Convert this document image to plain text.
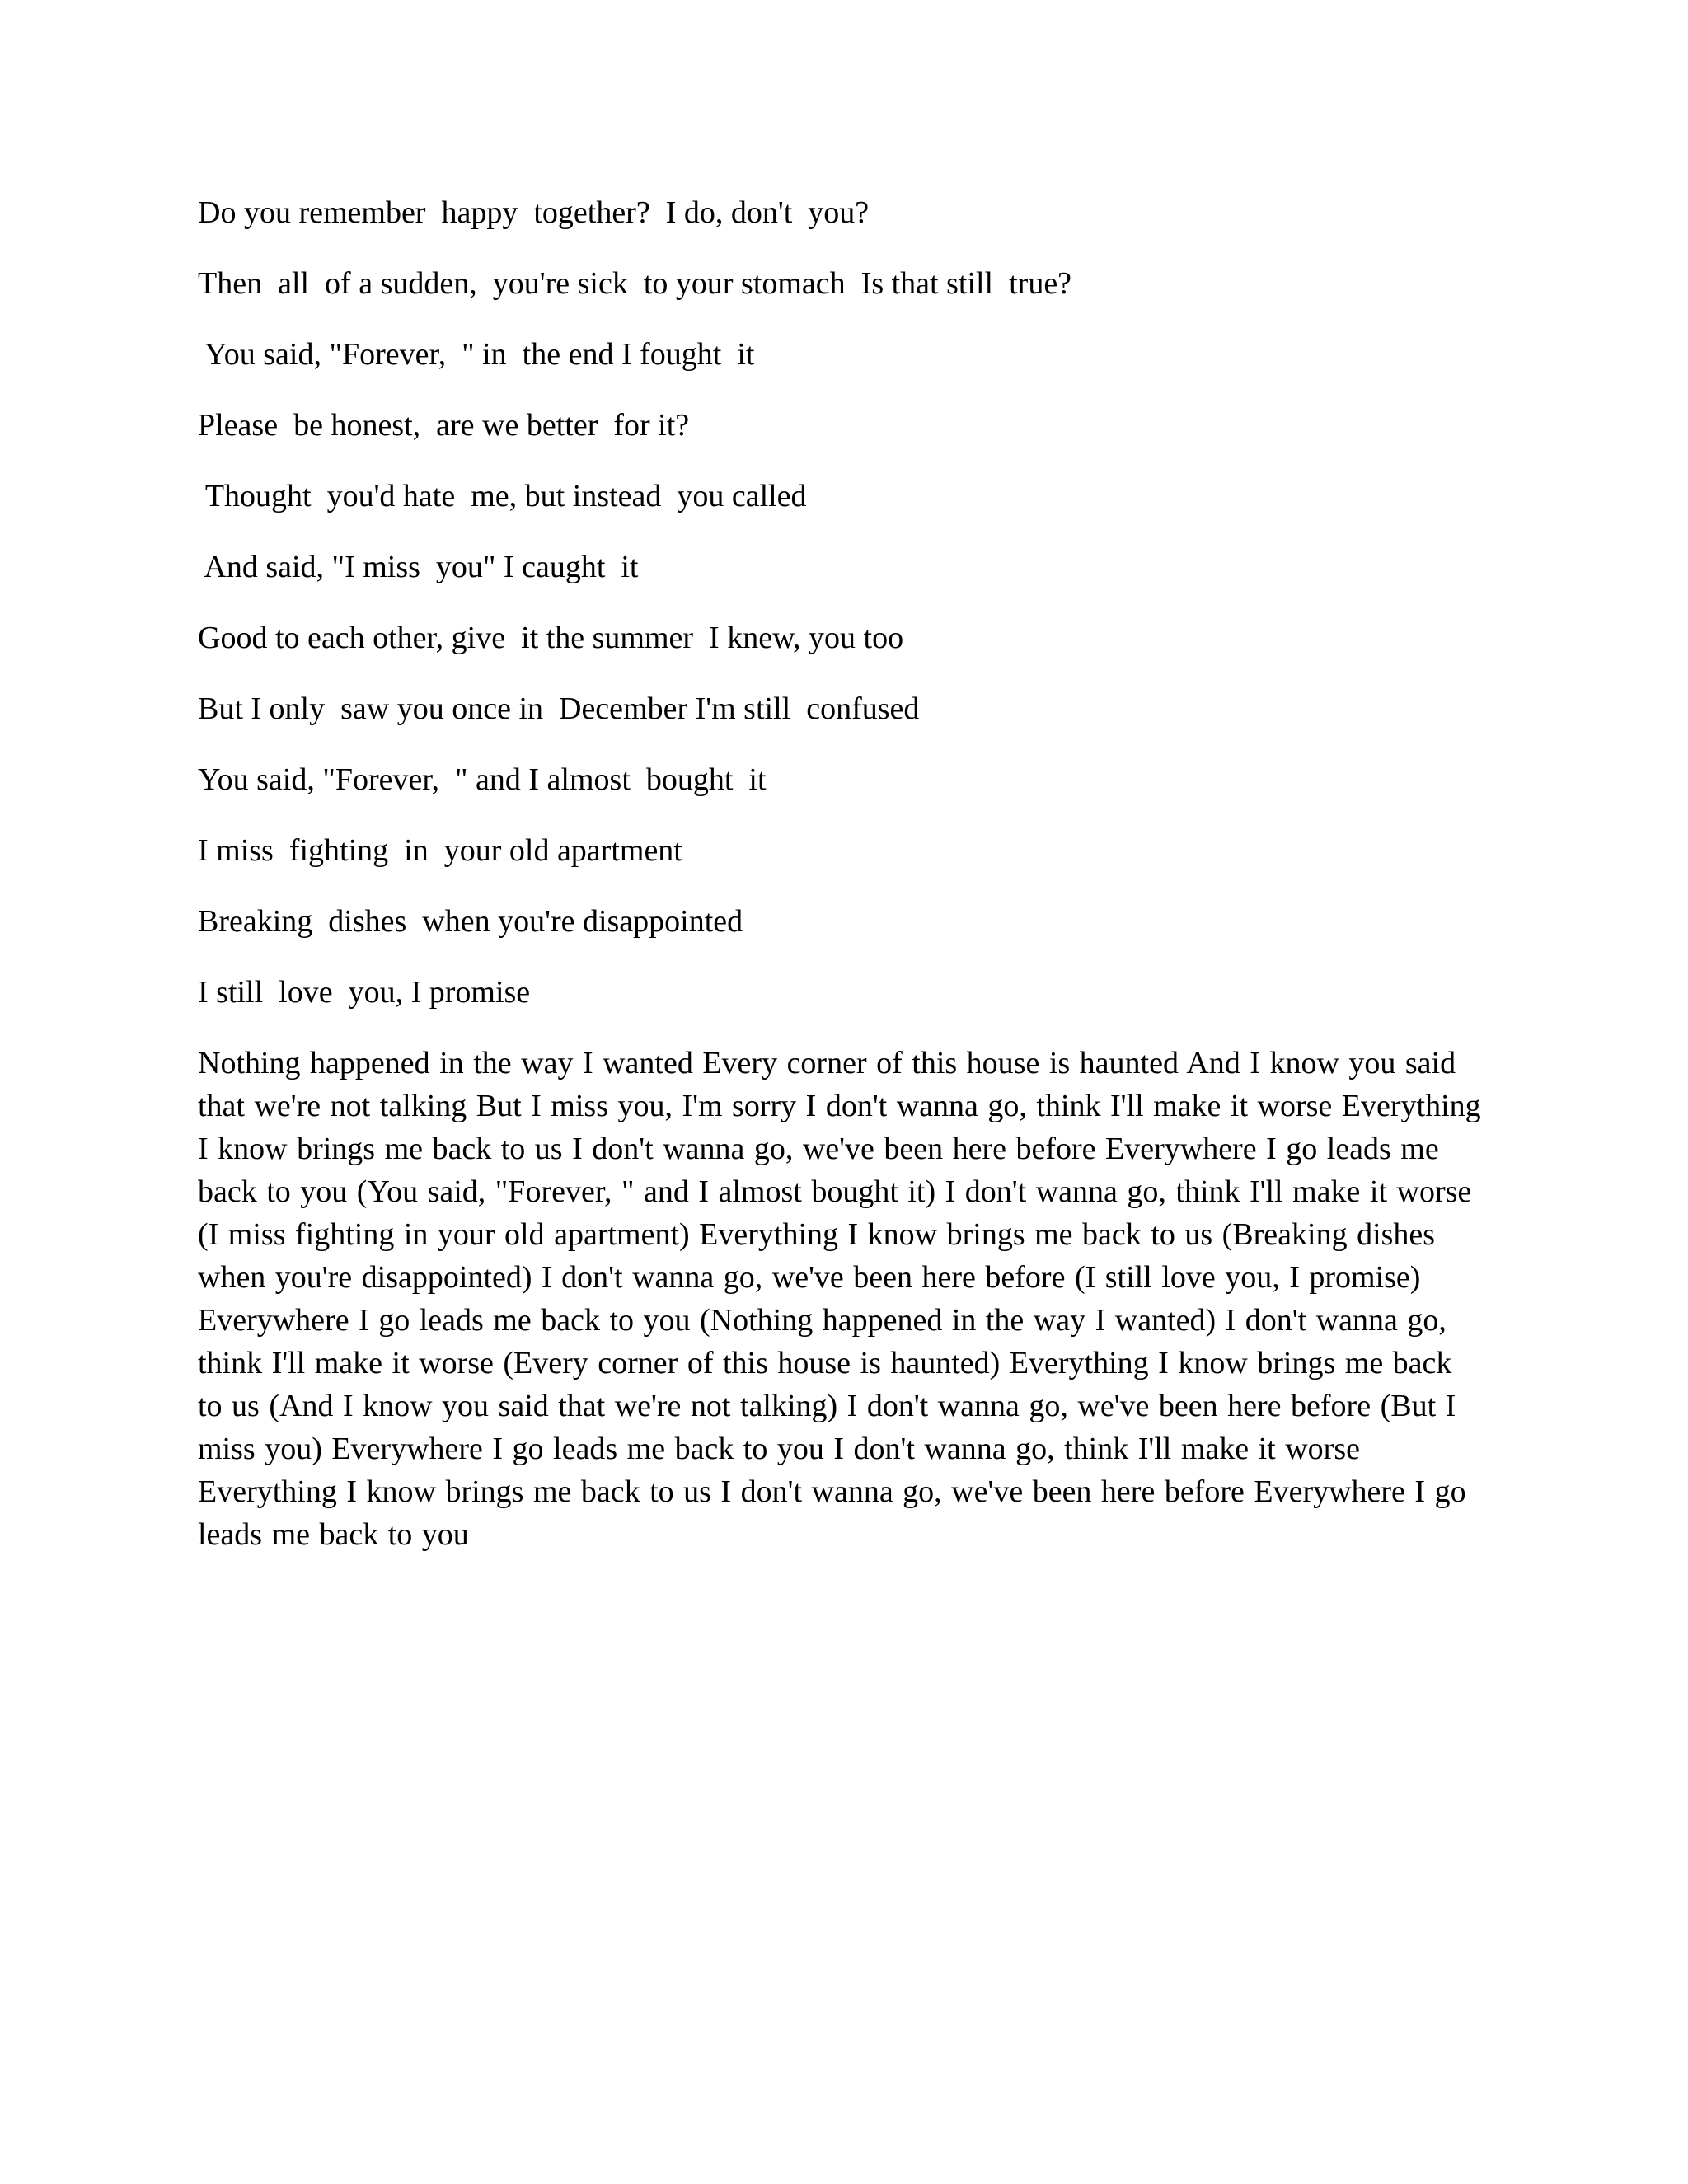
Do you remember  happy  together?  I do, don't  you?

Then  all  of a sudden,  you're sick  to your stomach  Is that still  true?

You said, "Forever,  " in  the end I fought  it

Please  be honest,  are we better  for it?

Thought  you'd hate  me, but instead  you called

And said, "I miss  you" I caught  it

Good to each other, give  it the summer  I knew, you too

But I only  saw you once in  December I'm still  confused

You said, "Forever,  " and I almost  bought  it

I miss  fighting  in  your old apartment

Breaking  dishes  when you're disappointed

I still  love  you, I promise

Nothing happened in the way I wanted Every corner of this house is haunted And I know you said that we're not talking But I miss you, I'm sorry I don't wanna go, think I'll make it worse Everything I know brings me back to us I don't wanna go, we've been here before Everywhere I go leads me back to you (You said, "Forever, " and I almost bought it) I don't wanna go, think I'll make it worse (I miss fighting in your old apartment) Everything I know brings me back to us (Breaking dishes when you're disappointed) I don't wanna go, we've been here before (I still love you, I promise) Everywhere I go leads me back to you (Nothing happened in the way I wanted) I don't wanna go, think I'll make it worse (Every corner of this house is haunted) Everything I know brings me back to us (And I know you said that we're not talking) I don't wanna go, we've been here before (But I miss you) Everywhere I go leads me back to you I don't wanna go, think I'll make it worse Everything I know brings me back to us I don't wanna go, we've been here before Everywhere I go leads me back to you
